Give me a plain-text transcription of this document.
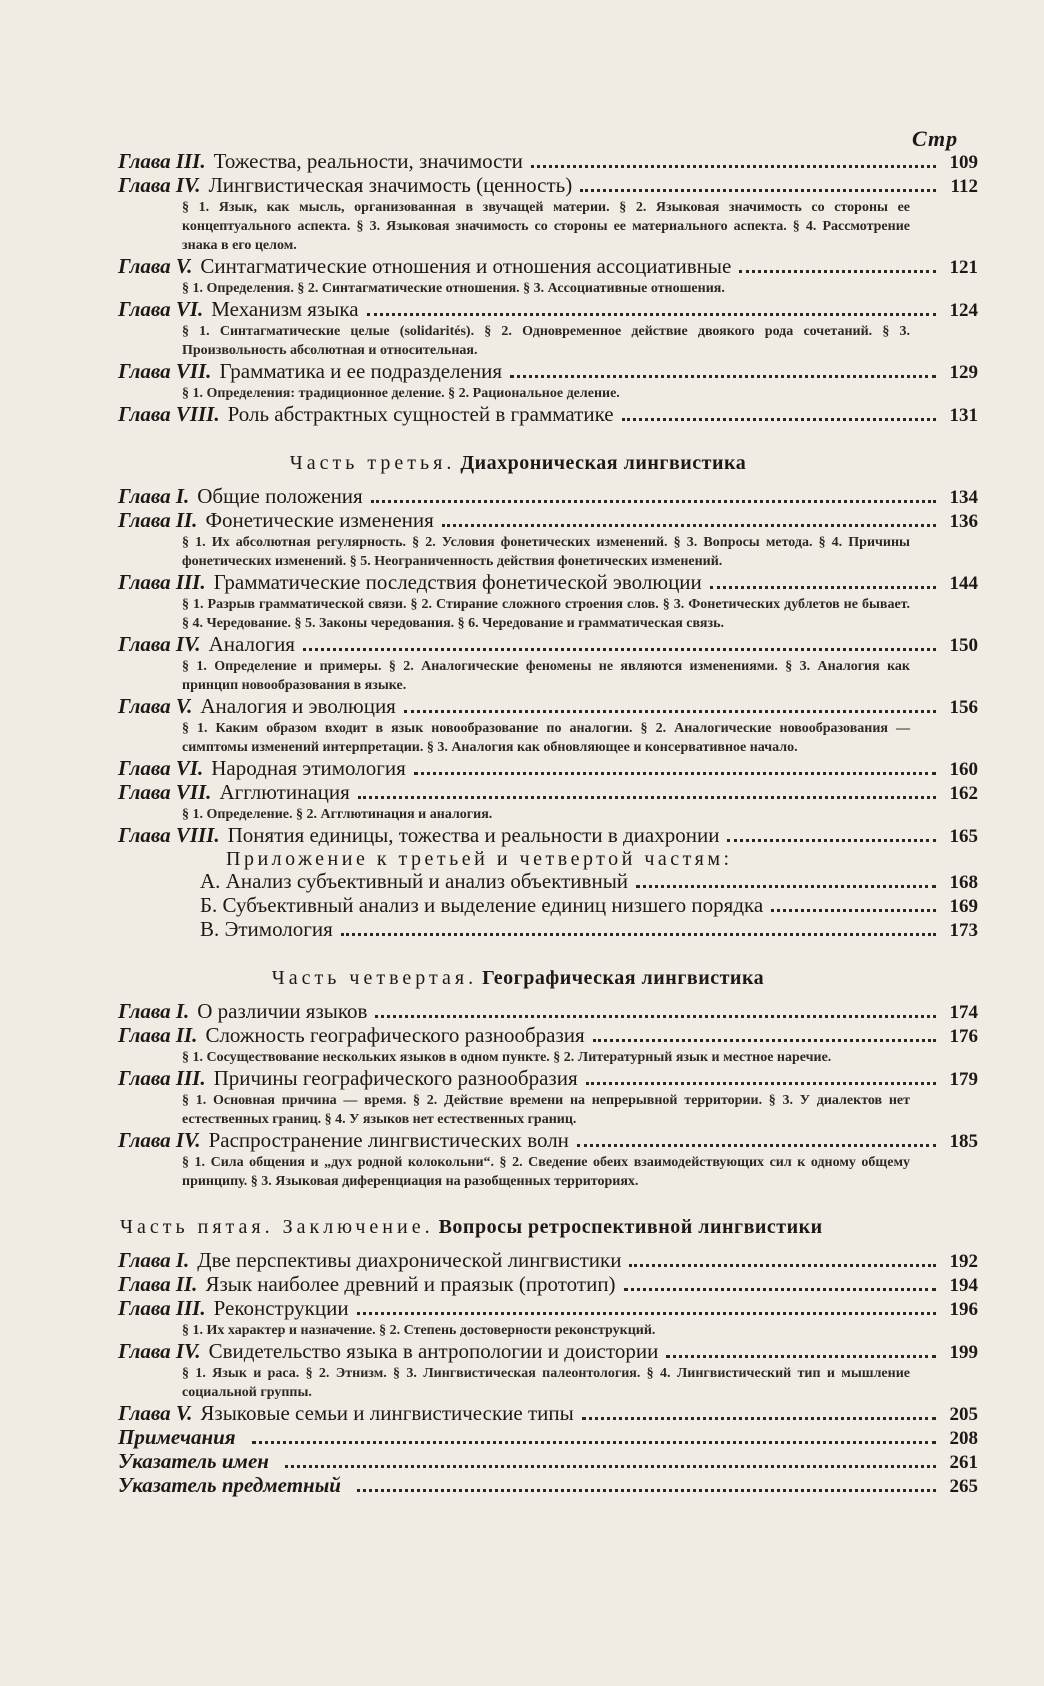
Стр
Глава III. Тожества, реальности, значимости	109
Глава IV. Лингвистическая значимость (ценность)	112
§ 1. Язык, как мысль, организованная в звучащей материи. § 2. Языковая значимость со стороны ее концептуального аспекта. § 3. Языковая значимость со стороны ее материального аспекта. § 4. Рассмотрение знака в его целом.
Глава V. Синтагматические отношения и отношения ассоциативные	121
§ 1. Определения. § 2. Синтагматические отношения. § 3. Ассоциативные отношения.
Глава VI. Механизм языка	124
§ 1. Синтагматические целые (solidarités). § 2. Одновременное действие двоякого рода сочетаний. § 3. Произвольность абсолютная и относительная.
Глава VII. Грамматика и ее подразделения	129
§ 1. Определения: традиционное деление. § 2. Рациональное деление.
Глава VIII. Роль абстрактных сущностей в грамматике	131
Часть третья. Диахроническая лингвистика
Глава I. Общие положения	134
Глава II. Фонетические изменения	136
§ 1. Их абсолютная регулярность. § 2. Условия фонетических изменений. § 3. Вопросы метода. § 4. Причины фонетических изменений. § 5. Неограниченность действия фонетических изменений.
Глава III. Грамматические последствия фонетической эволюции	144
§ 1. Разрыв грамматической связи. § 2. Стирание сложного строения слов. § 3. Фонетических дублетов не бывает. § 4. Чередование. § 5. Законы чередования. § 6. Чередование и грамматическая связь.
Глава IV. Аналогия	150
§ 1. Определение и примеры. § 2. Аналогические феномены не являются изменениями. § 3. Аналогия как принцип новообразования в языке.
Глава V. Аналогия и эволюция	156
§ 1. Каким образом входит в язык новообразование по аналогии. § 2. Аналогические новообразования — симптомы изменений интерпретации. § 3. Аналогия как обновляющее и консервативное начало.
Глава VI. Народная этимология	160
Глава VII. Агглютинация	162
§ 1. Определение. § 2. Агглютинация и аналогия.
Глава VIII. Понятия единицы, тожества и реальности в диахронии	165
Приложение к третьей и четвертой частям:
А. Анализ субъективный и анализ объективный	168
Б. Субъективный анализ и выделение единиц низшего порядка	169
В. Этимология	173
Часть четвертая. Географическая лингвистика
Глава I. О различии языков	174
Глава II. Сложность географического разнообразия	176
§ 1. Сосуществование нескольких языков в одном пункте. § 2. Литературный язык и местное наречие.
Глава III. Причины географического разнообразия	179
§ 1. Основная причина — время. § 2. Действие времени на непрерывной территории. § 3. У диалектов нет естественных границ. § 4. У языков нет естественных границ.
Глава IV. Распространение лингвистических волн	185
§ 1. Сила общения и „дух родной колокольни“. § 2. Сведение обеих взаимодействующих сил к одному общему принципу. § 3. Языковая диференциация на разобщенных территориях.
Часть пятая. Заключение. Вопросы ретроспективной лингвистики
Глава I. Две перспективы диахронической лингвистики	192
Глава II. Язык наиболее древний и праязык (прототип)	194
Глава III. Реконструкции	196
§ 1. Их характер и назначение. § 2. Степень достоверности реконструкций.
Глава IV. Свидетельство языка в антропологии и доистории	199
§ 1. Язык и раса. § 2. Этнизм. § 3. Лингвистическая палеонтология. § 4. Лингвистический тип и мышление социальной группы.
Глава V. Языковые семьи и лингвистические типы	205
Примечания	208
Указатель имен	261
Указатель предметный	265
